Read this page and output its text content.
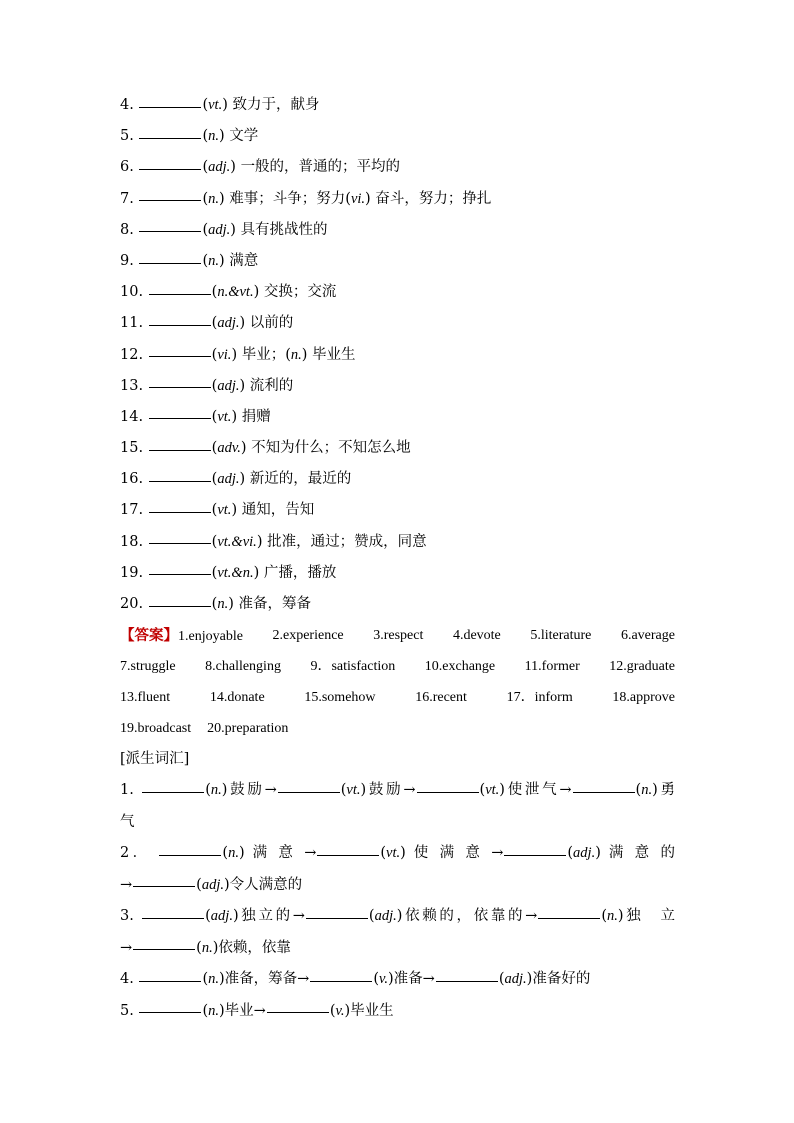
4.	(vt.) 致力于，献身
5.	(n.) 文学
6.	(adj.) 一般的，普通的；平均的
7.	(n.) 难事；斗争；努力(vi.) 奋斗，努力；挣扎
8.	(adj.) 具有挑战性的
9.	(n.) 满意
10.	(n.&vt.) 交换；交流
11.	(adj.) 以前的
12.	(vi.) 毕业；(n.) 毕业生
13.	(adj.) 流利的
14.	(vt.) 捐赠
15.	(adv.) 不知为什么；不知怎么地
16.	(adj.) 新近的，最近的
17.	(vt.) 通知，告知
18.	(vt.&vi.) 批准，通过；赞成，同意
19.	(vt.&n.) 广播，播放
20.	(n.) 准备，筹备
【答案】1.enjoyable 2.experience 3.respect 4.devote 5.literature 6.average
7.struggle 8.challenging 9．satisfaction 10.exchange 11.former 12.graduate
13.fluent	14.donate	15.somehow	16.recent	17．inform	18.approve
19.broadcast 20.preparation
[派生词汇]
1.	(n.)鼓励→	(vt.)鼓励→	(vt.)使泄气→	(n.)勇
气
2．	(n.) 满 意 →	(vt.) 使 满 意 →	(adj.) 满 意 的
→	(adj.)令人满意的
3.	(adj.)独立的→	(adj.)依赖的，依靠的→	(n.)独　立
→	(n.)依赖，依靠
4.	(n.)准备，筹备→	(v.)准备→	(adj.)准备好的
5.	(n.)毕业→	(v.)毕业生
